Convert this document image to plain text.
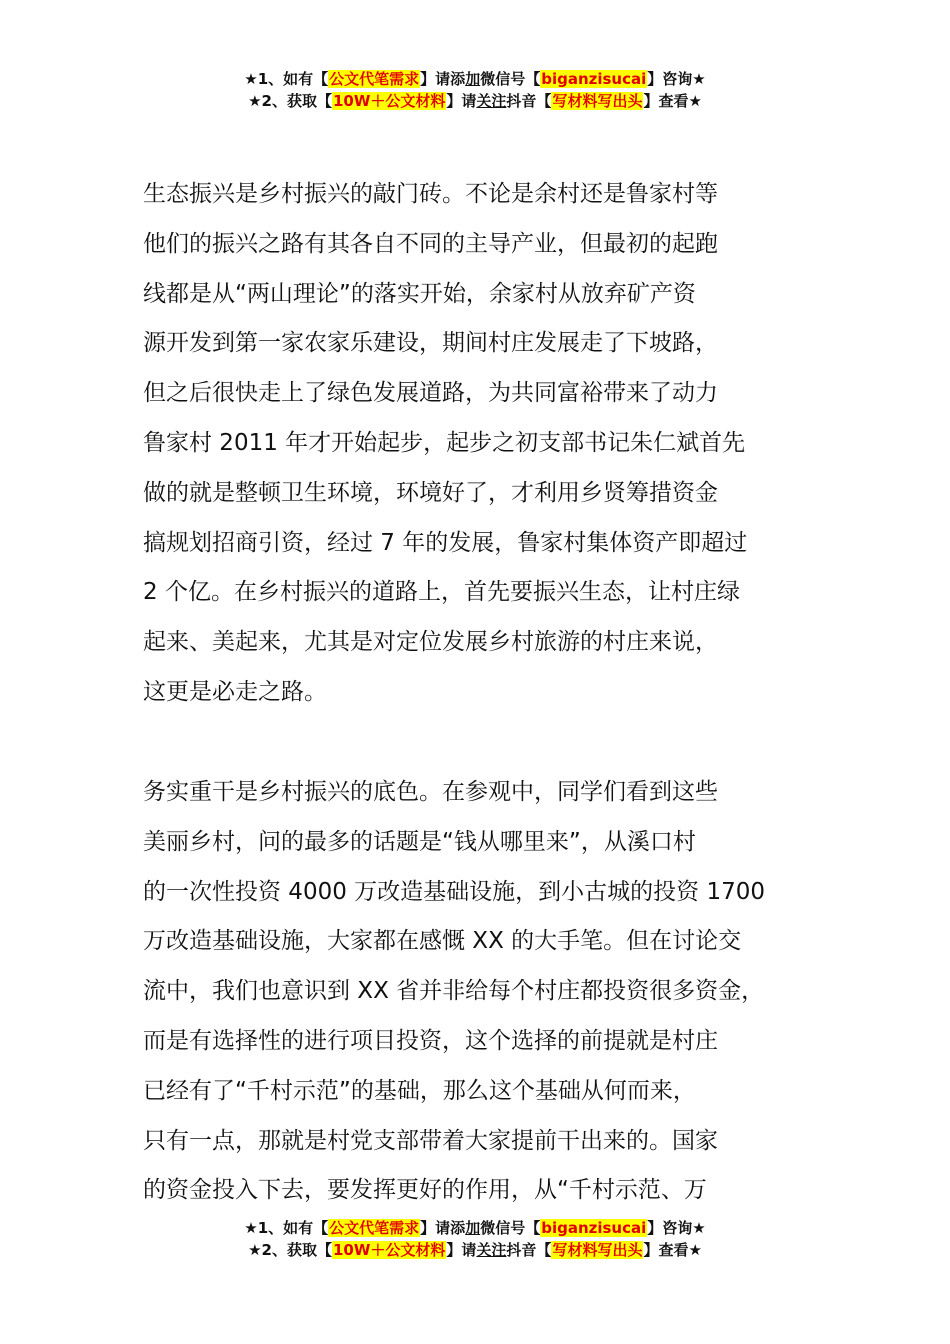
★1、如有【公文代笔需求】请添加微信号【biganzisucai】咨询★
★2、获取【10W＋公文材料】请关注抖音【写材料写出头】查看★
生态振兴是乡村振兴的敲门砖。不论是余村还是鲁家村等
他们的振兴之路有其各自不同的主导产业，但最初的起跑
线都是从“两山理论”的落实开始，余家村从放弃矿产资
源开发到第一家农家乐建设，期间村庄发展走了下坡路，
但之后很快走上了绿色发展道路，为共同富裕带来了动力
鲁家村 2011 年才开始起步，起步之初支部书记朱仁斌首先
做的就是整顿卫生环境，环境好了，才利用乡贤筹措资金
搞规划招商引资，经过 7 年的发展，鲁家村集体资产即超过
2 个亿。在乡村振兴的道路上，首先要振兴生态，让村庄绿
起来、美起来，尤其是对定位发展乡村旅游的村庄来说，
这更是必走之路。
务实重干是乡村振兴的底色。在参观中，同学们看到这些
美丽乡村，问的最多的话题是“钱从哪里来”，从溪口村
的一次性投资 4000 万改造基础设施，到小古城的投资 1700
万改造基础设施，大家都在感慨 XX 的大手笔。但在讨论交
流中，我们也意识到 XX 省并非给每个村庄都投资很多资金，
而是有选择性的进行项目投资，这个选择的前提就是村庄
已经有了“千村示范”的基础，那么这个基础从何而来，
只有一点，那就是村党支部带着大家提前干出来的。国家
的资金投入下去，要发挥更好的作用，从“千村示范、万
★1、如有【公文代笔需求】请添加微信号【biganzisucai】咨询★
★2、获取【10W＋公文材料】请关注抖音【写材料写出头】查看★
